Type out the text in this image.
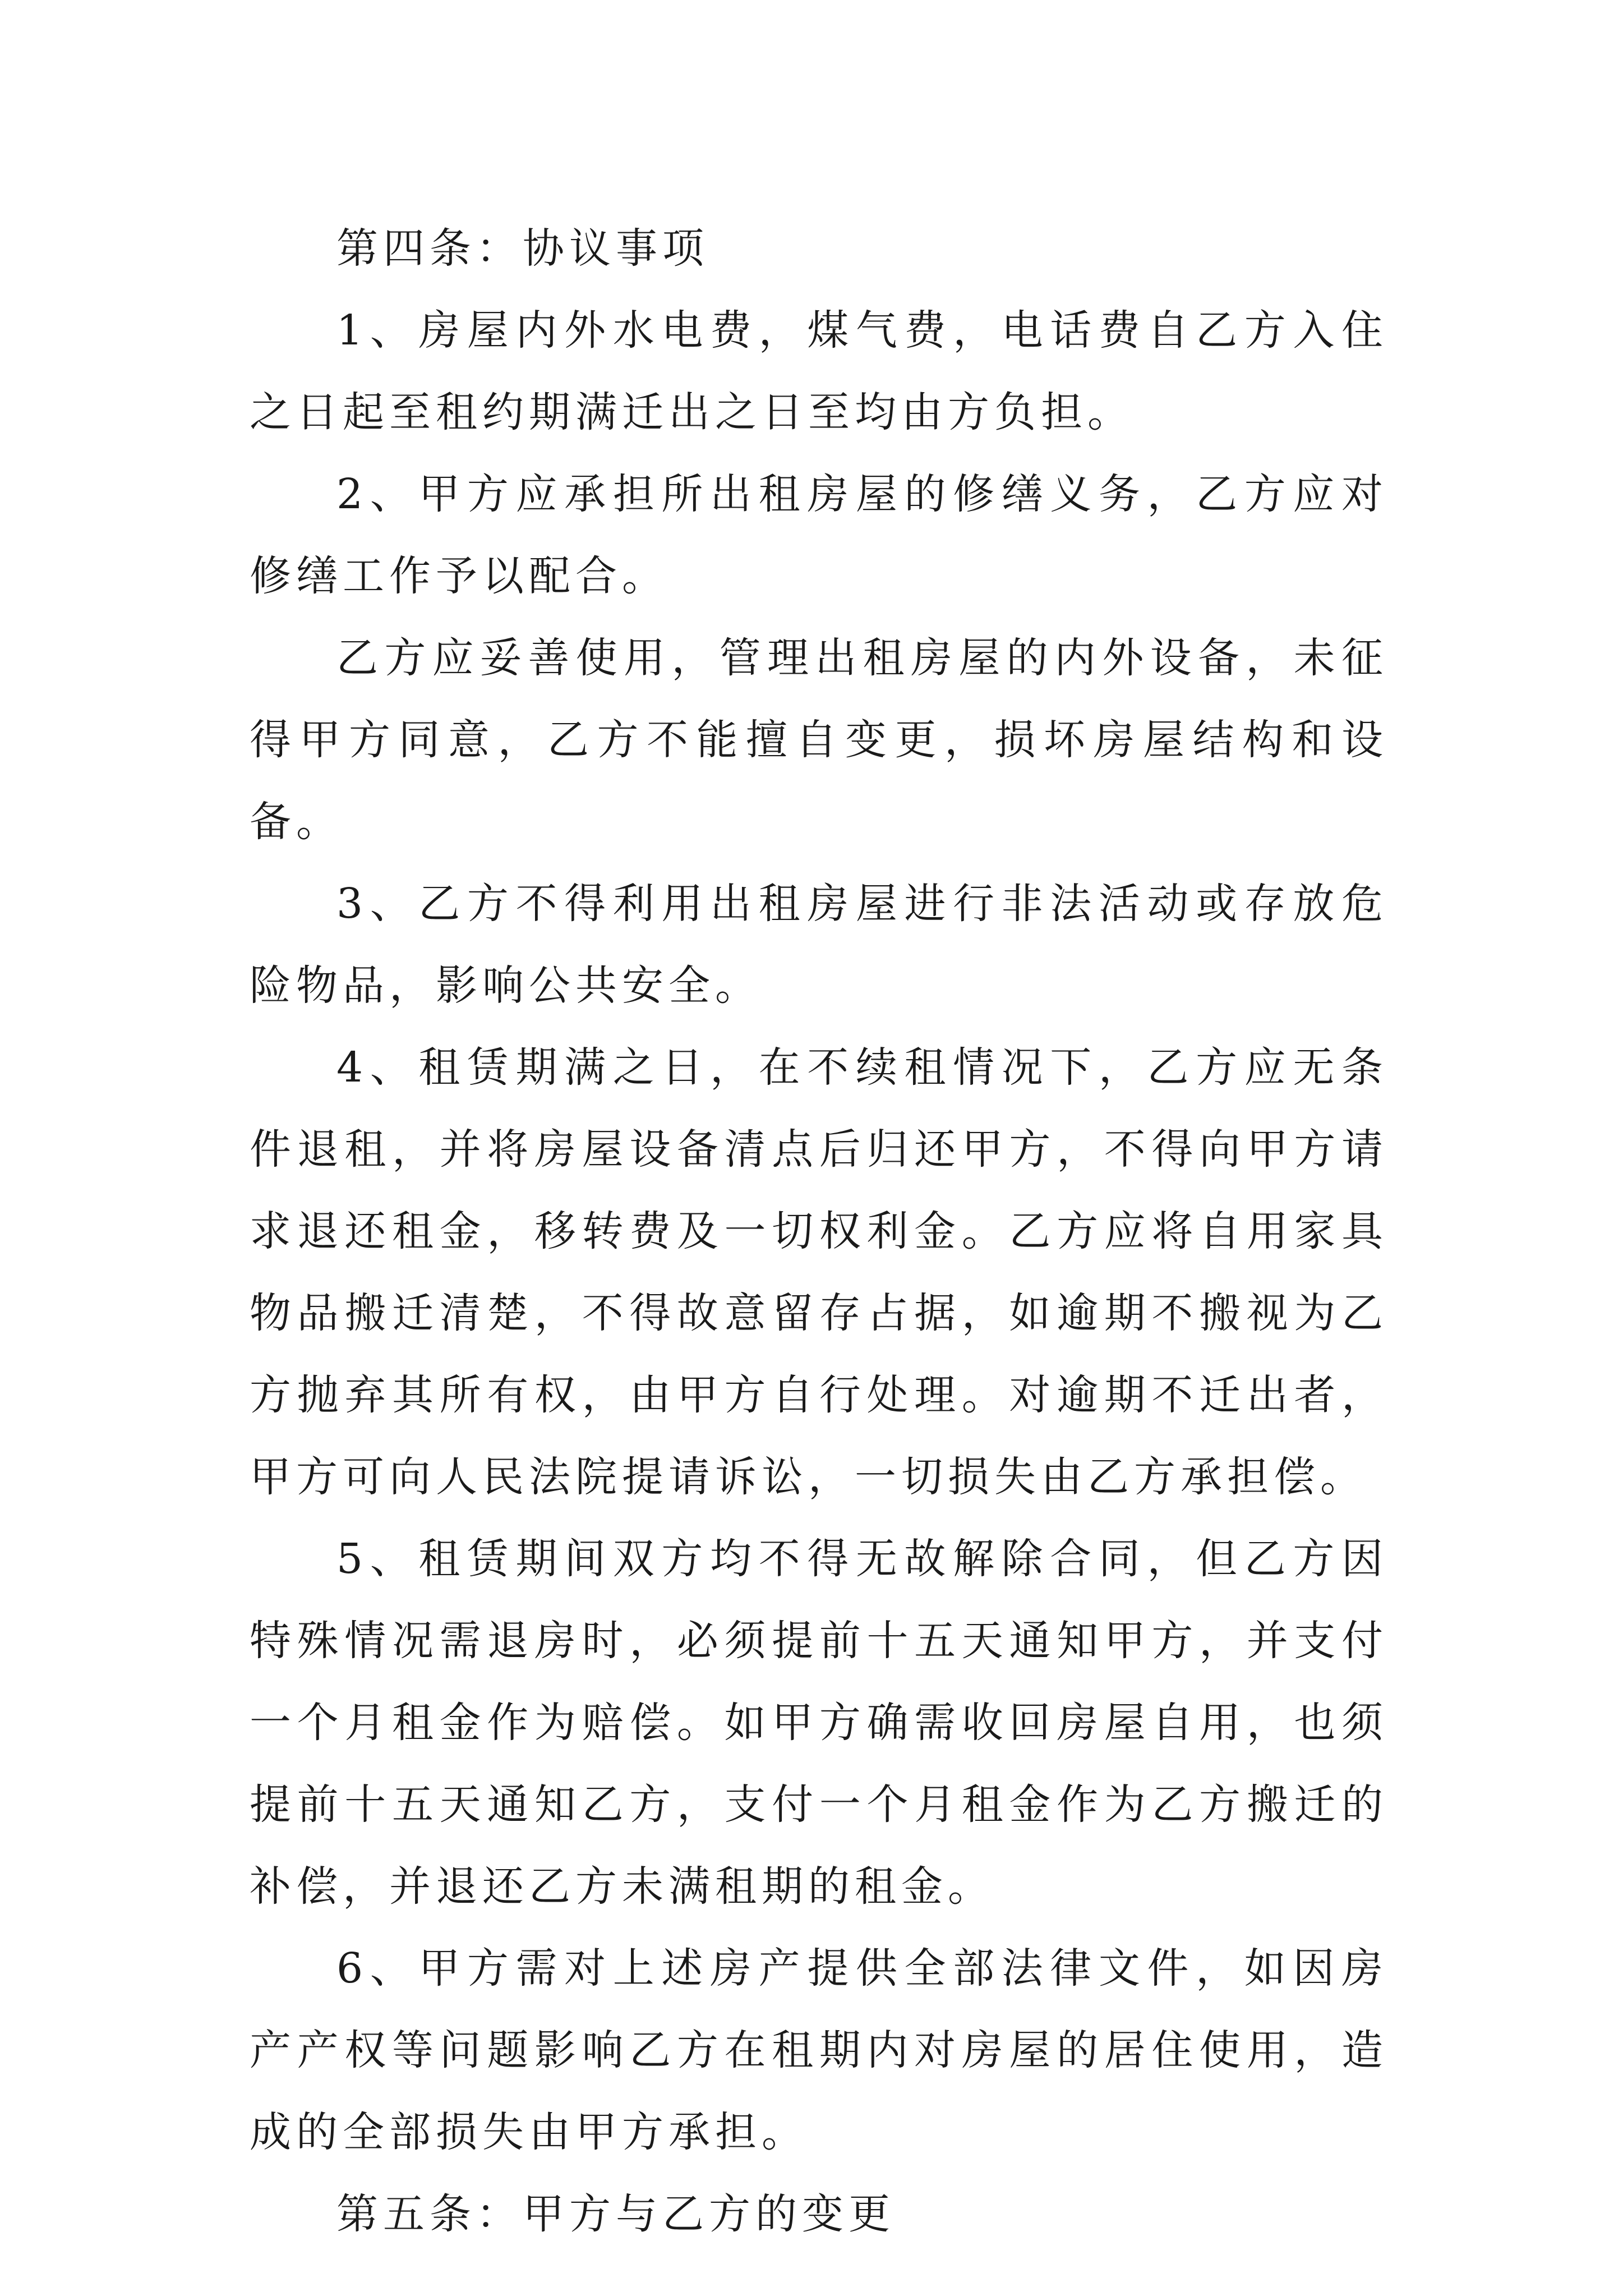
第四条：协议事项

1、房屋内外水电费，煤气费，电话费自乙方入住之日起至租约期满迁出之日至均由方负担。

2、甲方应承担所出租房屋的修缮义务，乙方应对修缮工作予以配合。

乙方应妥善使用，管理出租房屋的内外设备，未征得甲方同意，乙方不能擅自变更，损坏房屋结构和设备。

3、乙方不得利用出租房屋进行非法活动或存放危险物品，影响公共安全。

4、租赁期满之日，在不续租情况下，乙方应无条件退租，并将房屋设备清点后归还甲方，不得向甲方请求退还租金，移转费及一切权利金。乙方应将自用家具物品搬迁清楚，不得故意留存占据，如逾期不搬视为乙方抛弃其所有权，由甲方自行处理。对逾期不迁出者，甲方可向人民法院提请诉讼，一切损失由乙方承担偿。

5、租赁期间双方均不得无故解除合同，但乙方因特殊情况需退房时，必须提前十五天通知甲方，并支付一个月租金作为赔偿。如甲方确需收回房屋自用，也须提前十五天通知乙方，支付一个月租金作为乙方搬迁的补偿，并退还乙方未满租期的租金。

6、甲方需对上述房产提供全部法律文件，如因房产产权等问题影响乙方在租期内对房屋的居住使用，造成的全部损失由甲方承担。

第五条：甲方与乙方的变更
